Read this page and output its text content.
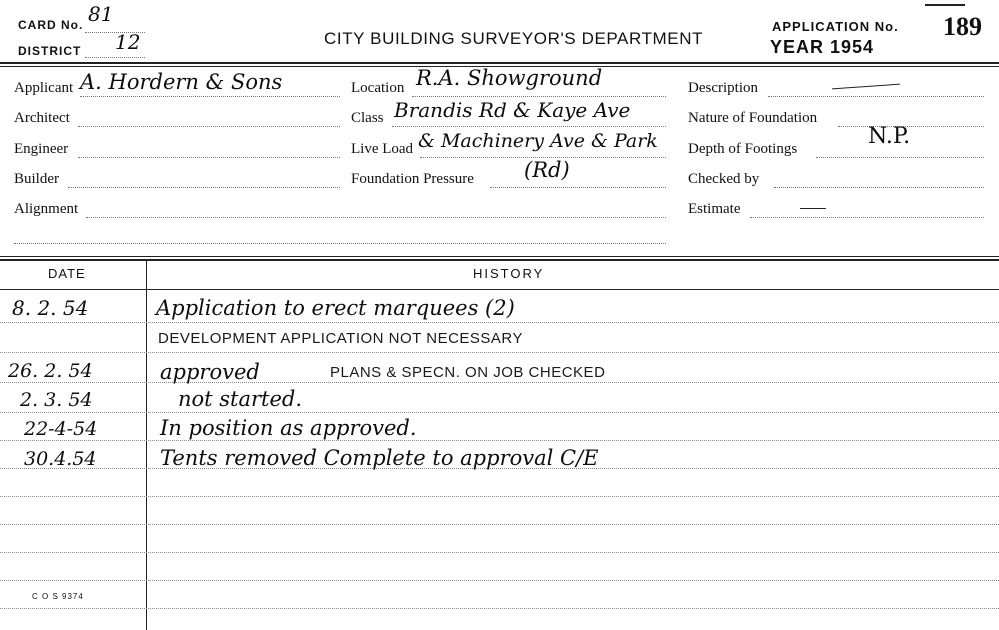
CARD No. 81
DISTRICT 12	CITY BUILDING SURVEYOR'S DEPARTMENT
APPLICATION No. 189
YEAR 1954
Applicant A. Hordern & Sons
Architect
Engineer
Builder
Alignment
Location R.A. Showground
Class Brandis Rd & Kaye Ave
Live Load & Machinery Ave & Park
Foundation Pressure (Rd)
Description
Nature of Foundation
Depth of Footings	N.P.
Checked by
Estimate
DATE	HISTORY
8. 2. 54	Application to erect marquees (2)
DEVELOPMENT APPLICATION NOT NECESSARY
26. 2. 54	approved	PLANS & SPECN. ON JOB CHECKED
2. 3. 54	not started.
22-4-54	In position as approved.
30.4.54	Tents removed Complete to approval C/E
C O S 9374
